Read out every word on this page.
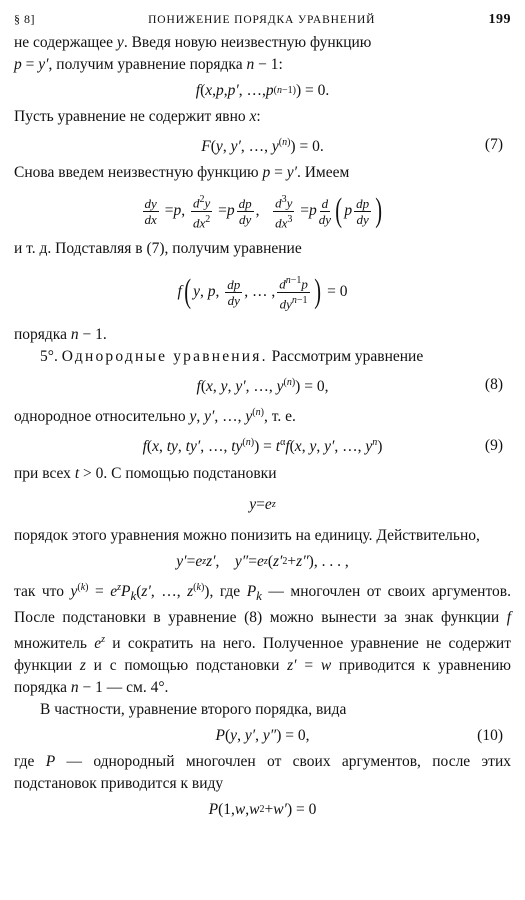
§ 8]	ПОНИЖЕНИЕ ПОРЯДКА УРАВНЕНИЙ	199

не содержащее y. Введя новую неизвестную функцию
p = y′, получим уравнение порядка n − 1:

f ( x , p , p′ , …, p (n−1) ) = 0.

Пусть уравнение не содержит явно x:

F(y, y′, …, $y^{(n)}) = 0$.	(7)

Снова введем неизвестную функцию p = y′. Имеем

dy
dx = p , $d^2y$
$dx^2 = p$ dp
dy , $d^3y$
$dx^3 = p$ d
dy ( p dp
dy )

и т. д. Подставляя в (7), получим уравнение

f ( y , p , dp
dy , … , $d^{n-1}p$
$dy^{n-1}$ ) = 0

порядка n − 1.

5°. Однородные уравнения. Рассмотрим уравнение

f(x, y, y′, …, $y^{(n)}) = 0$,	(8)

однородное относительно y, y′, …, $y^{(n)}$, т. е.

f(x, ty, ty′, …, $ty^{(n)}) = t^\alpha f(x$, y, y′, …, $y^n$)	(9)

при всех t > 0. С помощью подстановки

y = e z

порядок этого уравнения можно понизить на единицу. Действительно,

y′ = e z z′ , y″ = e z ( z′ 2 + z″ ), . . . ,

так что $y^{(k)} = e^zP_k(z'$, …, $z^{(k)}$), где $P_k$ — многочлен от своих аргументов. После подстановки в уравнение (8) можно вынести за знак функции f множитель $e^z$ и сократить на него. Полученное уравнение не содержит функции z и с помощью подстановки z′ = w приводится к уравнению порядка n − 1 — см. 4°.

В частности, уравнение второго порядка, вида

P(y, y′, y″) = 0,	(10)

где P — однородный многочлен от своих аргументов, после этих подстановок приводится к виду

P (1, w , w 2 + w′ ) = 0
